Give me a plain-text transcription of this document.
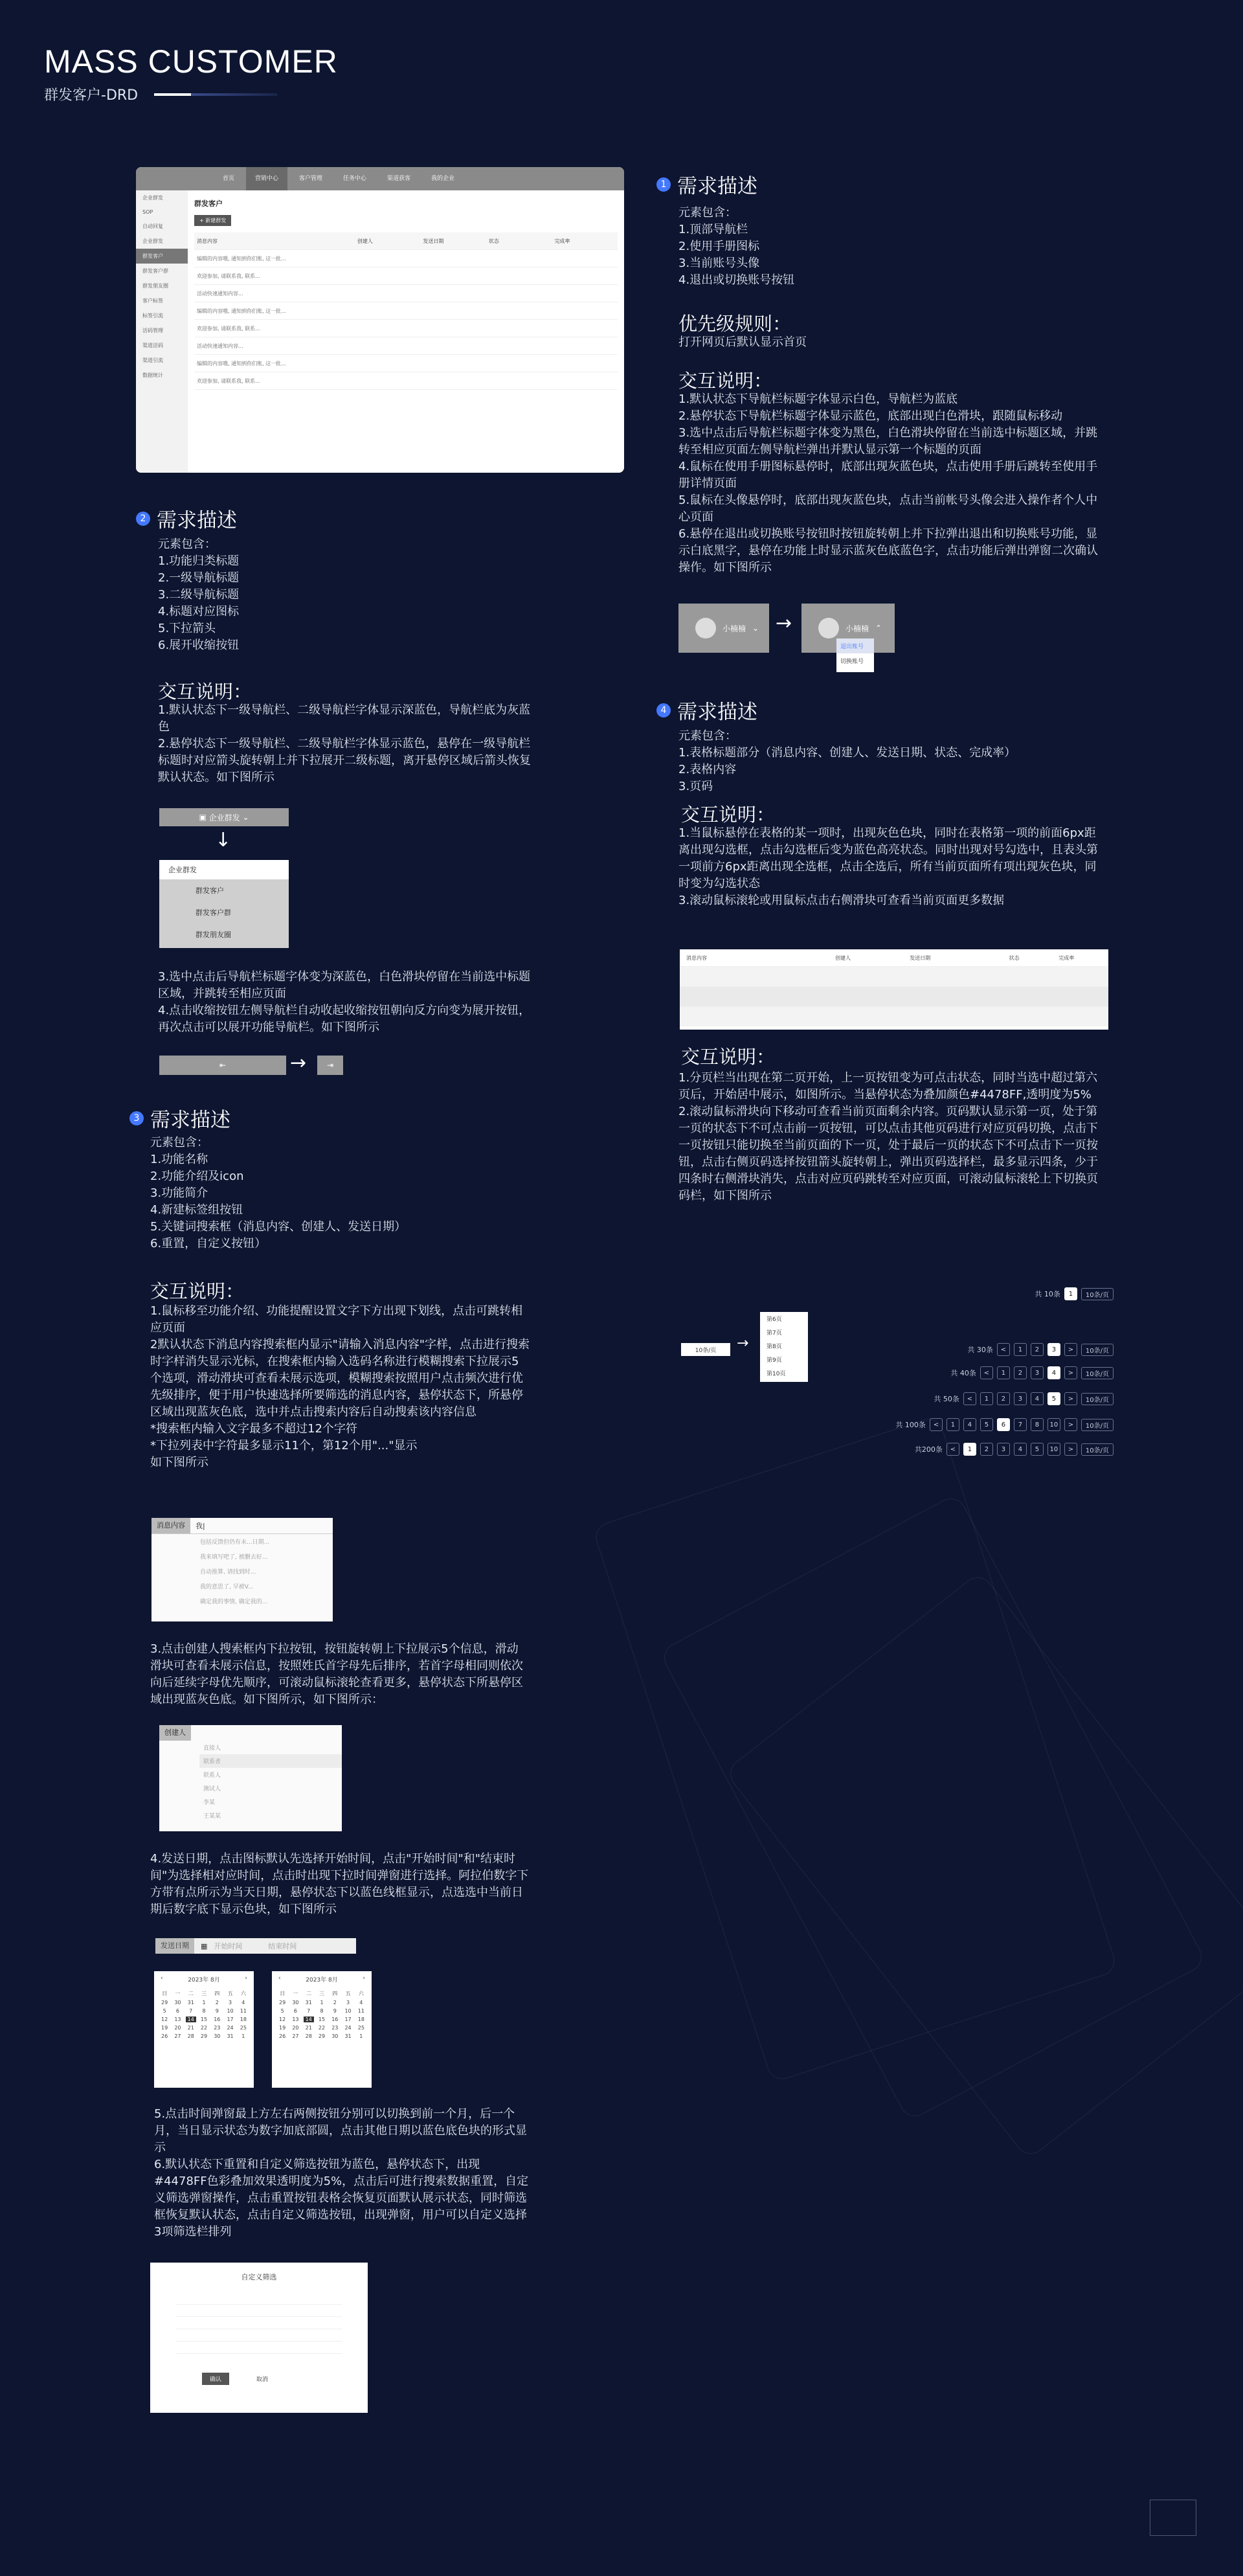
MASS CUSTOMER
群发客户-DRD
首页	营销中心	客户管理	任务中心	渠道获客	我的企业
企业群发
SOP
自动回复
企业群发
群发客户
群发客户群
群发朋友圈
客户标签
标签引流
活码管理
渠道活码
渠道引流
数据统计
群发客户
+ 新建群发
消息内容	创建人	发送日期	状态	完成率
编辑的内容哦, 通知到你们账, 这一批...
欢迎参加, 请联系我, 联系...
活动快速通知内容...
编辑的内容哦, 通知到你们账, 这一批...
欢迎参加, 请联系我, 联系...
活动快速通知内容...
编辑的内容哦, 通知到你们账, 这一批...
欢迎参加, 请联系我, 联系...
1 需求描述
元素包含：
1.顶部导航栏
2.使用手册图标
3.当前账号头像
4.退出或切换账号按钮
优先级规则：
打开网页后默认显示首页
交互说明：
1.默认状态下导航栏标题字体显示白色，导航栏为蓝底
2.悬停状态下导航栏标题字体显示蓝色，底部出现白色滑块，跟随鼠标移动
3.选中点击后导航栏标题字体变为黑色，白色滑块停留在当前选中标题区域，并跳转至相应页面左侧导航栏弹出并默认显示第一个标题的页面
4.鼠标在使用手册图标悬停时，底部出现灰蓝色块，点击使用手册后跳转至使用手册详情页面
5.鼠标在头像悬停时，底部出现灰蓝色块，点击当前帐号头像会进入操作者个人中心页面
6.悬停在退出或切换账号按钮时按钮旋转朝上并下拉弹出退出和切换账号功能，显示白底黑字，悬停在功能上时显示蓝灰色底蓝色字，点击功能后弹出弹窗二次确认操作。如下图所示
小楠楠 ⌄ →	小楠楠 ⌃
退出账号
切换账号
2 需求描述
元素包含：
1.功能归类标题
2.一级导航标题
3.二级导航标题
4.标题对应图标
5.下拉箭头
6.展开收缩按钮
交互说明：
1.默认状态下一级导航栏、二级导航栏字体显示深蓝色，导航栏底为灰蓝色
2.悬停状态下一级导航栏、二级导航栏字体显示蓝色，悬停在一级导航栏标题时对应箭头旋转朝上并下拉展开二级标题，离开悬停区域后箭头恢复默认状态。如下图所示
▣ 企业群发 ⌄
↓
企业群发
群发客户
群发客户群
群发朋友圈
3.选中点击后导航栏标题字体变为深蓝色，白色滑块停留在当前选中标题区域，并跳转至相应页面
4.点击收缩按钮左侧导航栏自动收起收缩按钮朝向反方向变为展开按钮，再次点击可以展开功能导航栏。如下图所示
⇤	→	⇥
3 需求描述
元素包含：
1.功能名称
2.功能介绍及icon
3.功能简介
4.新建标签组按钮
5.关键词搜索框（消息内容、创建人、发送日期）
6.重置，自定义按钮）
交互说明：
1.鼠标移至功能介绍、功能提醒设置文字下方出现下划线，点击可跳转相应页面
2默认状态下消息内容搜索框内显示"请输入消息内容"字样，点击进行搜索时字样消失显示光标，在搜索框内输入选码名称进行模糊搜索下拉展示5个选项，滑动滑块可查看未展示选项，模糊搜索按照用户点击频次进行优先级排序，便于用户快速选择所要筛选的消息内容，悬停状态下，所悬停区域出现蓝灰色底，选中并点击搜索内容后自动搜索该内容信息
*搜索框内输入文字最多不超过12个字符
*下拉列表中字符最多显示11个，第12个用"..."显示
如下图所示
消息内容	我|
包括反馈但仍有未...日期...
我来填写吧了, 被删去好...
自动推算, 请找到时...
我的意思了, 早被V...
确定我的事情, 确定我的...
3.点击创建人搜索框内下拉按钮，按钮旋转朝上下拉展示5个信息，滑动滑块可查看未展示信息，按照姓氏首字母先后排序，若首字母相同则依次向后延续字母优先顺序，可滚动鼠标滚轮查看更多，悬停状态下所悬停区域出现蓝灰色底。如下图所示，如下图所示：
创建人
直接人
联系者
联系人
测试人
李某
王某某
4.发送日期，点击图标默认先选择开始时间，点击"开始时间"和"结束时间"为选择相对应时间，点击时出现下拉时间弹窗进行选择。阿拉伯数字下方带有点所示为当天日期，悬停状态下以蓝色线框显示，点选选中当前日期后数字底下显示色块，如下图所示
发送日期	▦ 开始时间	结束时间
‹	2023年 8月	›
日	一	二	三	四	五	六
29	30	31	1	2	3	4
5	6	7	8	9	10	11
12	13	14	15	16	17	18
19	20	21	22	23	24	25
26	27	28	29	30	31	1
‹	2023年 8月	›
日	一	二	三	四	五	六
29	30	31	1	2	3	4
5	6	7	8	9	10	11
12	13	14	15	16	17	18
19	20	21	22	23	24	25
26	27	28	29	30	31	1
5.点击时间弹窗最上方左右两侧按钮分别可以切换到前一个月，后一个月，当日显示状态为数字加底部圆，点击其他日期以蓝色底色块的形式显示
6.默认状态下重置和自定义筛选按钮为蓝色，悬停状态下，出现#4478FF色彩叠加效果透明度为5%，点击后可进行搜索数据重置，自定义筛选弹窗操作，点击重置按钮表格会恢复页面默认展示状态，同时筛选框恢复默认状态，点击自定义筛选按钮，出现弹窗，用户可以自定义选择3项筛选栏排列
自定义筛选
确认	取消
4 需求描述
元素包含：
1.表格标题部分（消息内容、创建人、发送日期、状态、完成率）
2.表格内容
3.页码
交互说明：
1.当鼠标悬停在表格的某一项时，出现灰色色块，同时在表格第一项的前面6px距离出现勾选框，点击勾选框后变为蓝色高亮状态。同时出现对号勾选中，且表头第一项前方6px距离出现全选框，点击全选后，所有当前页面所有项出现灰色块，同时变为勾选状态
3.滚动鼠标滚轮或用鼠标点击右侧滑块可查看当前页面更多数据
消息内容	创建人	发送日期	状态	完成率
交互说明：
1.分页栏当出现在第二页开始，上一页按钮变为可点击状态，同时当选中超过第六页后，开始居中展示，如图所示。当悬停状态为叠加颜色#4478FF,透明度为5%
2.滚动鼠标滑块向下移动可查看当前页面剩余内容。页码默认显示第一页，处于第一页的状态下不可点击前一页按钮，可以点击其他页码进行对应页码切换，点击下一页按钮只能切换至当前页面的下一页，处于最后一页的状态下不可点击下一页按钮，点击右侧页码选择按钮箭头旋转朝上，弹出页码选择栏，最多显示四条，少于四条时右侧滑块消失，点击对应页码跳转至对应页面，可滚动鼠标滚轮上下切换页码栏，如下图所示
共 10条	1	10条/页
共 30条	<	1	2	3	>	10条/页
共 40条	<	1	2	3	4	>	10条/页
共 50条	<	1	2	3	4	5	>	10条/页
共 100条	<	1	4	5	6	7	8	10	>	10条/页
共200条	<	1	2	3	4	5	10	>	10条/页
10条/页	→
第6页
第7页
第8页
第9页
第10页
